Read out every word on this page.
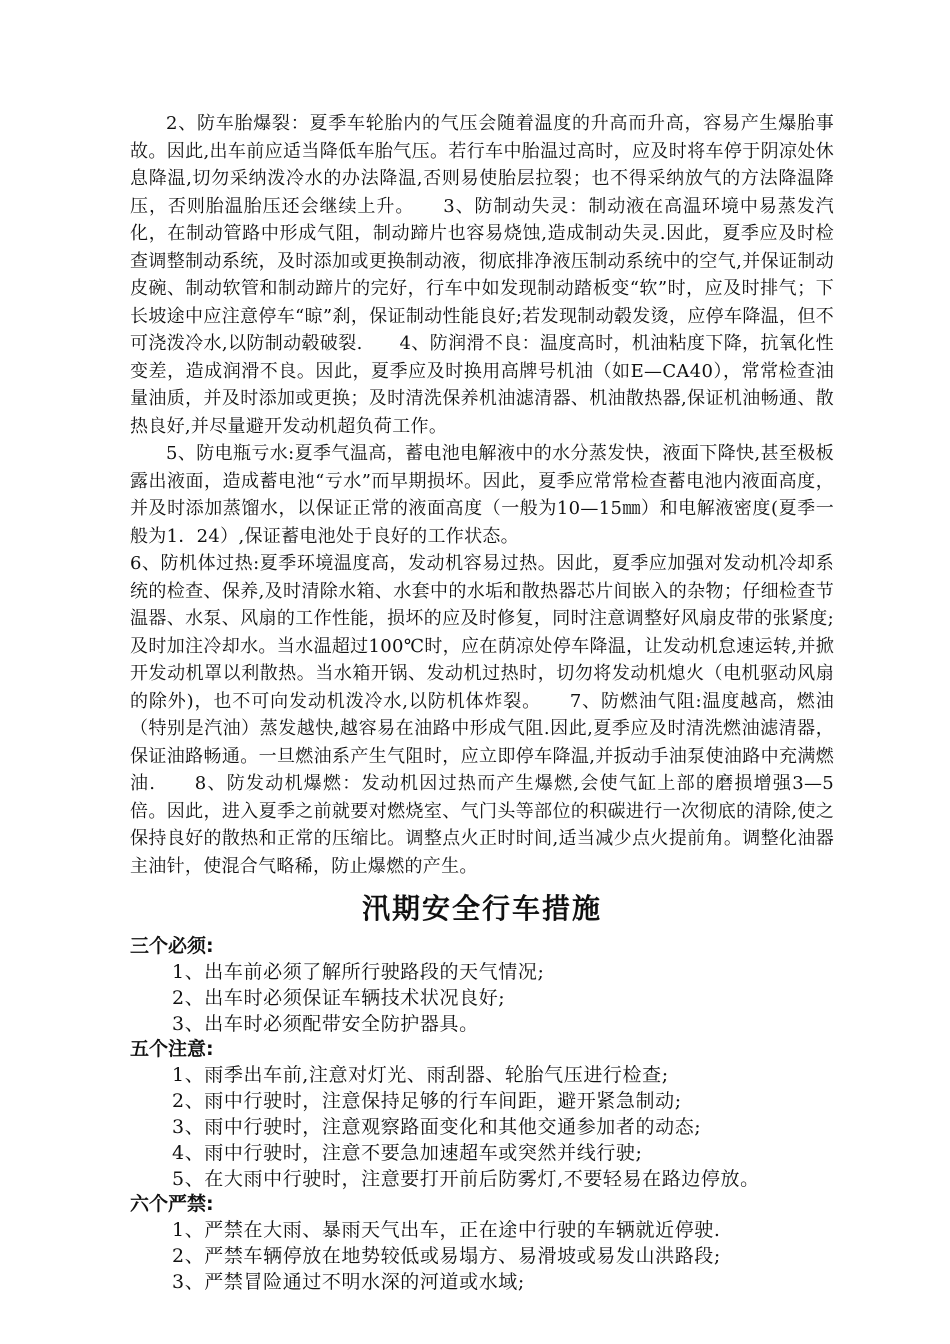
2、防车胎爆裂：夏季车轮胎内的气压会随着温度的升高而升高，容易产生爆胎事故。因此,出车前应适当降低车胎气压。若行车中胎温过高时，应及时将车停于阴凉处休息降温,切勿采纳泼冷水的办法降温,否则易使胎层拉裂；也不得采纳放气的方法降温降压，否则胎温胎压还会继续上升。　　3、防制动失灵：制动液在高温环境中易蒸发汽化，在制动管路中形成气阻，制动蹄片也容易烧蚀,造成制动失灵.因此，夏季应及时检查调整制动系统，及时添加或更换制动液，彻底排净液压制动系统中的空气,并保证制动皮碗、制动软管和制动蹄片的完好，行车中如发现制动踏板变“软”时，应及时排气；下长坡途中应注意停车“晾”刹，保证制动性能良好;若发现制动毂发烫，应停车降温，但不可浇泼冷水,以防制动毂破裂.　　4、防润滑不良：温度高时，机油粘度下降，抗氧化性变差，造成润滑不良。因此，夏季应及时换用高牌号机油（如E—CA40），常常检查油量油质，并及时添加或更换；及时清洗保养机油滤清器、机油散热器,保证机油畅通、散热良好,并尽量避开发动机超负荷工作。

5、防电瓶亏水:夏季气温高，蓄电池电解液中的水分蒸发快，液面下降快,甚至极板露出液面，造成蓄电池“亏水”而早期损坏。因此，夏季应常常检查蓄电池内液面高度，并及时添加蒸馏水，以保证正常的液面高度（一般为10—15㎜）和电解液密度(夏季一般为1．24）,保证蓄电池处于良好的工作状态。

6、防机体过热:夏季环境温度高，发动机容易过热。因此，夏季应加强对发动机冷却系统的检查、保养,及时清除水箱、水套中的水垢和散热器芯片间嵌入的杂物；仔细检查节温器、水泵、风扇的工作性能，损坏的应及时修复，同时注意调整好风扇皮带的张紧度;及时加注冷却水。当水温超过100℃时，应在荫凉处停车降温，让发动机怠速运转,并掀开发动机罩以利散热。当水箱开锅、发动机过热时，切勿将发动机熄火（电机驱动风扇的除外)，也不可向发动机泼冷水,以防机体炸裂。　　7、防燃油气阻:温度越高，燃油（特别是汽油）蒸发越快,越容易在油路中形成气阻.因此,夏季应及时清洗燃油滤清器，保证油路畅通。一旦燃油系产生气阻时，应立即停车降温,并扳动手油泵使油路中充满燃油.　　8、防发动机爆燃：发动机因过热而产生爆燃,会使气缸上部的磨损增强3—5倍。因此，进入夏季之前就要对燃烧室、气门头等部位的积碳进行一次彻底的清除,使之保持良好的散热和正常的压缩比。调整点火正时时间,适当减少点火提前角。调整化油器主油针，使混合气略稀，防止爆燃的产生。

汛期安全行车措施

三个必须:

1、出车前必须了解所行驶路段的天气情况;

2、出车时必须保证车辆技术状况良好;

3、出车时必须配带安全防护器具。

五个注意:

1、雨季出车前,注意对灯光、雨刮器、轮胎气压进行检查;

2、雨中行驶时，注意保持足够的行车间距，避开紧急制动;

3、雨中行驶时，注意观察路面变化和其他交通参加者的动态;

4、雨中行驶时，注意不要急加速超车或突然并线行驶;

5、在大雨中行驶时，注意要打开前后防雾灯,不要轻易在路边停放。

六个严禁:

1、严禁在大雨、暴雨天气出车，正在途中行驶的车辆就近停驶.

2、严禁车辆停放在地势较低或易塌方、易滑坡或易发山洪路段;

3、严禁冒险通过不明水深的河道或水域;
